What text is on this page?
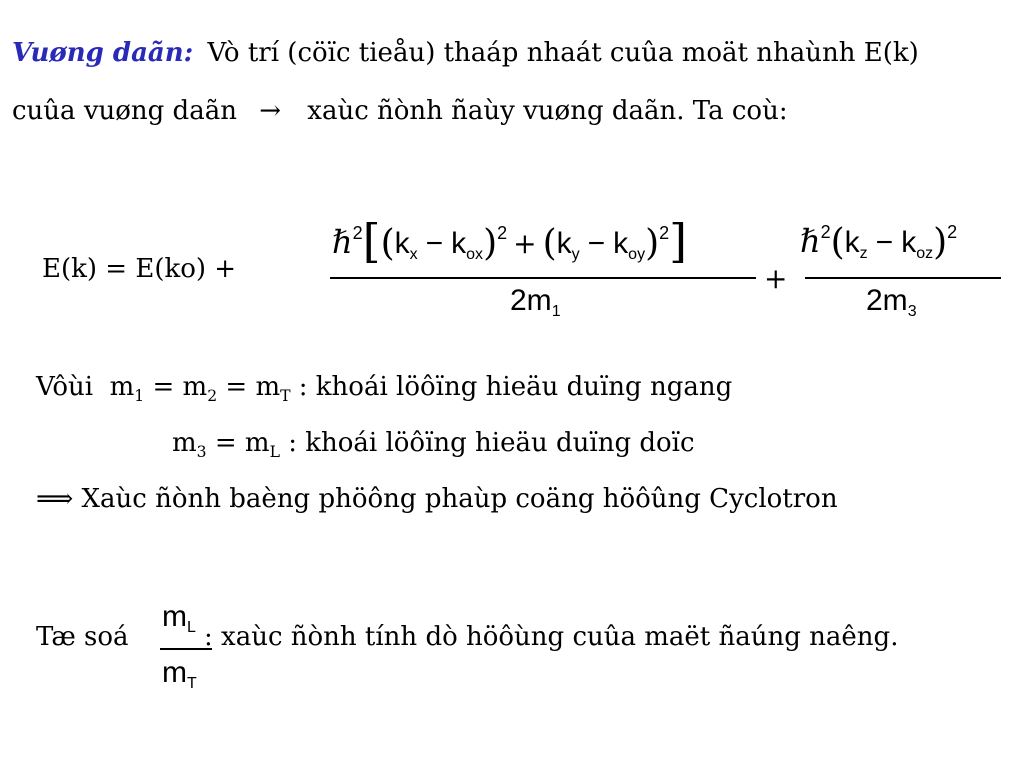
Vuøng daãn: Vò trí (cöïc tieåu) thaáp nhaát cuûa moät nhaùnh E(k)
cuûa vuøng daãn → xaùc ñònh ñaùy vuøng daãn. Ta coù:
E(k) = E(ko) +
ℏ2[(kx − kox)2 + (ky − koy)2]
2m1
+
ℏ2(kz − koz)2
2m3
Vôùi $m_1 = m_2 = m_T$ : khoái löôïng hieäu duïng ngang
$m_3 = m_L$ : khoái löôïng hieäu duïng doïc
⟹ Xaùc ñònh baèng phöông phaùp coäng höôûng Cyclotron
Tæ soá
mL
mT
: xaùc ñònh tính dò höôùng cuûa maët ñaúng naêng.
